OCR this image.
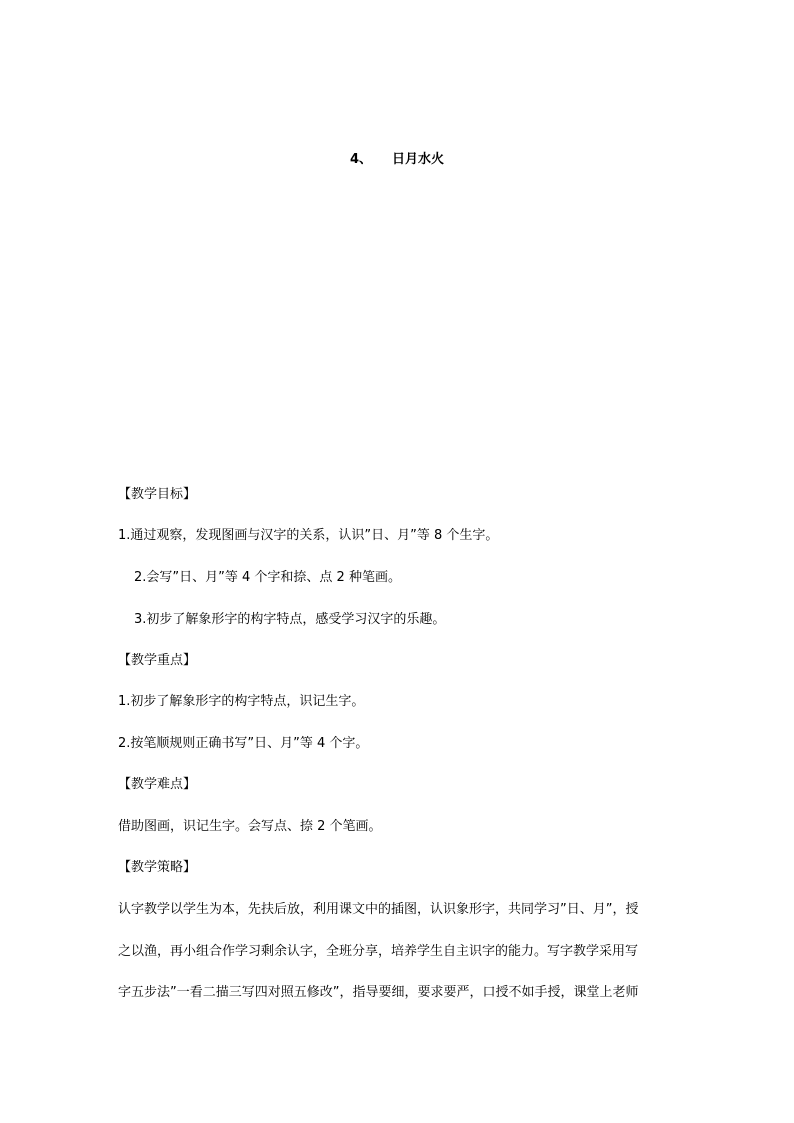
4、 日月水火
【教学目标】
1.通过观察，发现图画与汉字的关系，认识”日、月”等 8 个生字。
2.会写”日、月”等 4 个字和捺、点 2 种笔画。
3.初步了解象形字的构字特点，感受学习汉字的乐趣。
【教学重点】
1.初步了解象形字的构字特点，识记生字。
2.按笔顺规则正确书写”日、月”等 4 个字。
【教学难点】
借助图画，识记生字。会写点、捺 2 个笔画。
【教学策略】
认字教学以学生为本，先扶后放，利用课文中的插图，认识象形字，共同学习”日、月”，授
之以渔，再小组合作学习剩余认字，全班分享，培养学生自主识字的能力。写字教学采用写
字五步法”一看二描三写四对照五修改”，指导要细，要求要严，口授不如手授，课堂上老师
